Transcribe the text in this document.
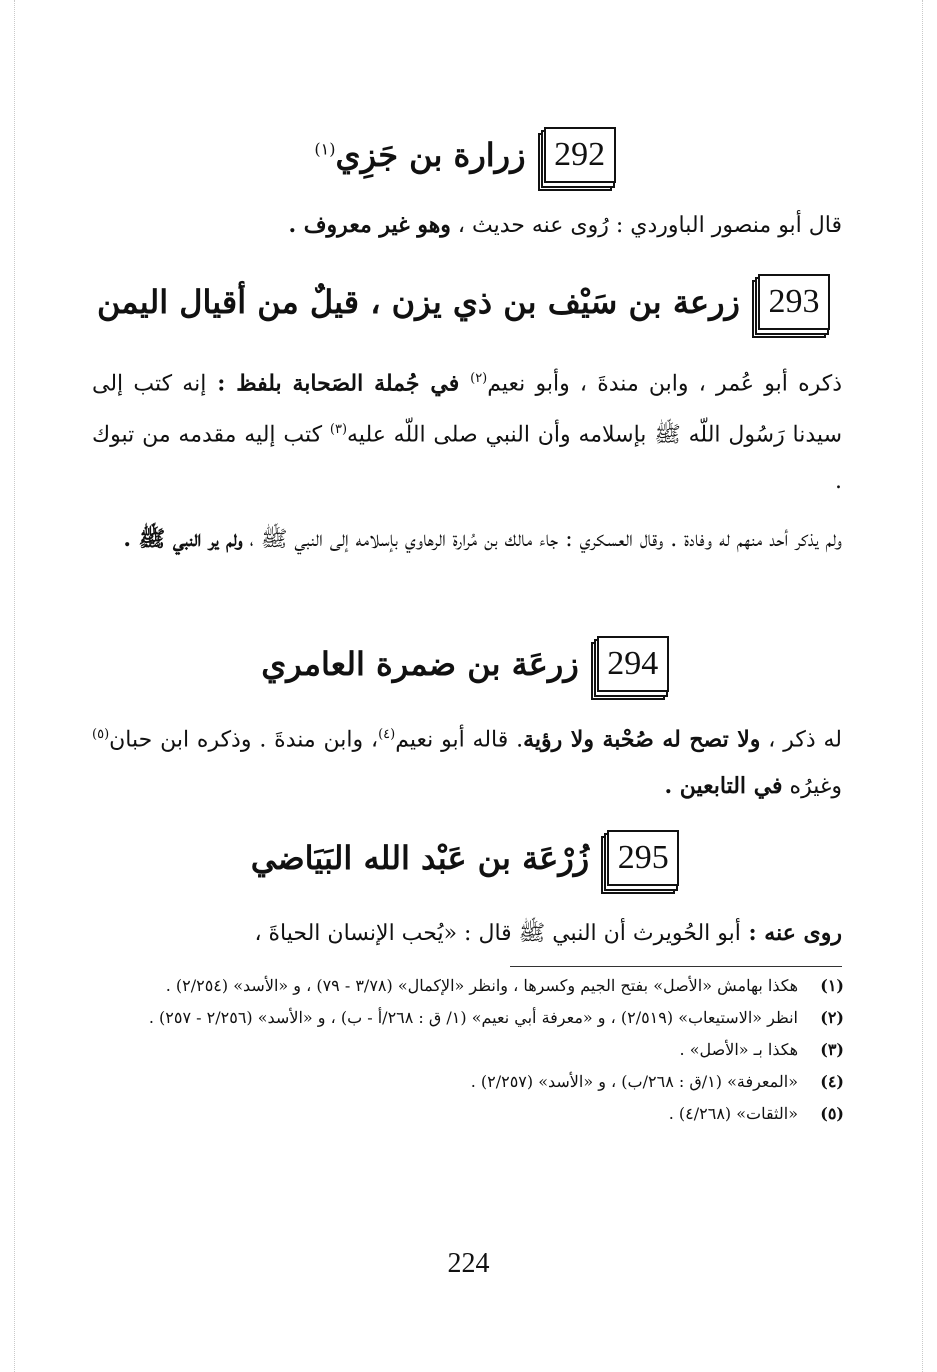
292
زرارة بن جَزِي$^{(١)}$
قال أبو منصور الباوردي : رُوى عنه حديث ، وهو غير معروف .
293
زرعة بن سَيْف بن ذي يزن ، قيلٌ من أقيال اليمن
ذكره أبو عُمر ، وابن مندةَ ، وأبو نعيم$^{(٢)}$ في جُملة الصَحابة بلفظ : إنه كتب إلى سيدنا رَسُول اللّه ﷺ بإسلامه وأن النبي صلى اللّه عليه$^{(٣)}$ كتب إليه مقدمه من تبوك .
ولم يذكر أحد منهم له وفادة . وقال العسكري : جاء مالك بن مُرارة الرهاوي بإسلامه إلى النبي ﷺ ، ولم ير النبي ﷺ .
294
زرعَة بن ضمرة العامري
له ذكر ، ولا تصح له صُحْبة ولا رؤية. قاله أبو نعيم$^{(٤)}$، وابن مندةَ . وذكره ابن حبان$^{(٥)}$ وغيرُه في التابعين .
295
زُرْعَة بن عَبْد الله البَيَاضي
روى عنه : أبو الحُويرث أن النبي ﷺ قال : «يُحب الإنسان الحياةَ ،
(١)
هكذا بهامش «الأصل» بفتح الجيم وكسرها ، وانظر «الإكمال» (٣/٧٨ - ٧٩) ، و «الأسد» (٢/٢٥٤) .
(٢)
انظر «الاستيعاب» (٢/٥١٩) ، و «معرفة أبي نعيم» (١/ ق : ٢٦٨/أ - ب) ، و «الأسد» (٢/٢٥٦ - ٢٥٧) .
(٣)
هكذا بـ «الأصل» .
(٤)
«المعرفة» (١/ق : ٢٦٨/ب) ، و «الأسد» (٢/٢٥٧) .
(٥)
«الثقات» (٤/٢٦٨) .
224
